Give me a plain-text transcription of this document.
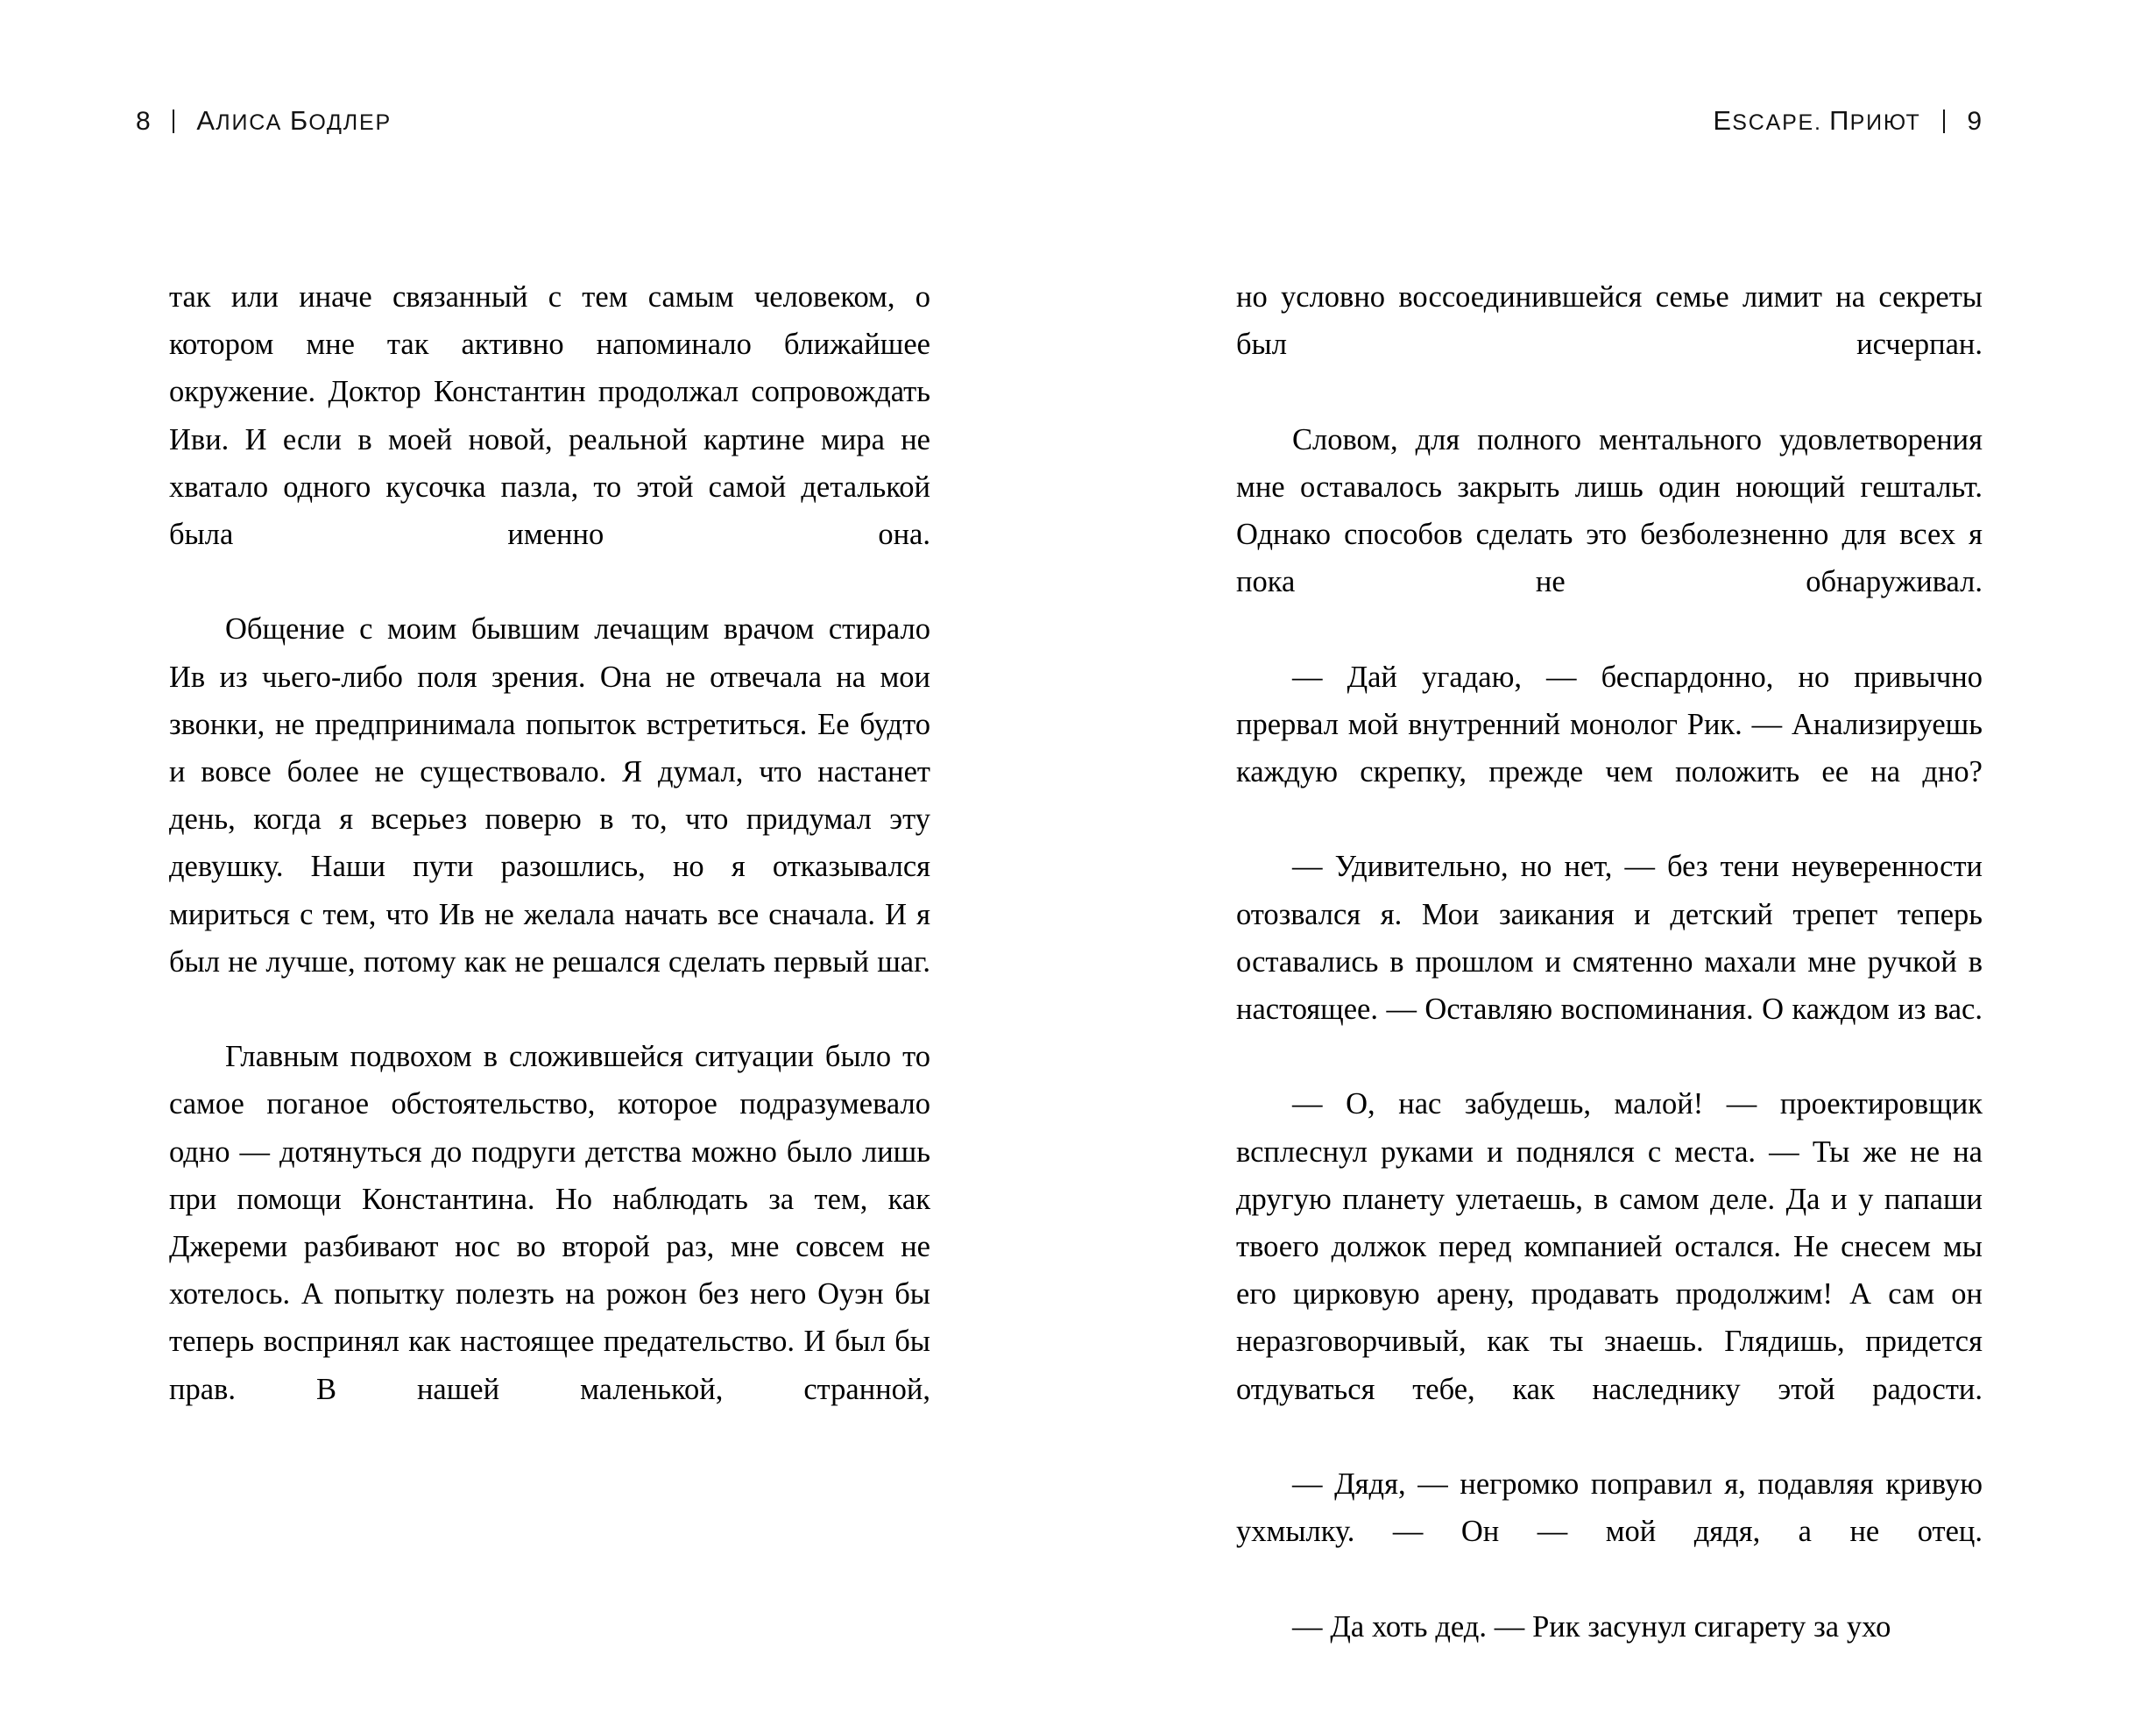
8 АЛИСА БОДЛЕР	ESCAPE. ПРИЮТ 9

так или иначе связанный с тем самым человеком, о котором мне так активно напоминало ближайшее окружение. Доктор Константин продолжал сопровождать Иви. И если в моей новой, реальной картине мира не хватало одного кусочка пазла, то этой самой деталькой была именно она.

Общение с моим бывшим лечащим врачом стирало Ив из чьего-либо поля зрения. Она не отвечала на мои звонки, не предпринимала попыток встретиться. Ее будто и вовсе более не существовало. Я думал, что настанет день, когда я всерьез поверю в то, что придумал эту девушку. Наши пути разошлись, но я отказывался мириться с тем, что Ив не желала начать все сначала. И я был не лучше, потому как не решался сделать первый шаг.

Главным подвохом в сложившейся ситуации было то самое поганое обстоятельство, которое подразумевало одно — дотянуться до подруги детства можно было лишь при помощи Константина. Но наблюдать за тем, как Джереми разбивают нос во второй раз, мне совсем не хотелось. А попытку полезть на рожон без него Оуэн бы теперь воспринял как настоящее предательство. И был бы прав. В нашей маленькой, странной,

но условно воссоединившейся семье лимит на секреты был исчерпан.

Словом, для полного ментального удовлетворения мне оставалось закрыть лишь один ноющий гештальт. Однако способов сделать это безболезненно для всех я пока не обнаруживал.

— Дай угадаю, — беспардонно, но привычно прервал мой внутренний монолог Рик. — Анализируешь каждую скрепку, прежде чем положить ее на дно?

— Удивительно, но нет, — без тени неуверенности отозвался я. Мои заикания и детский трепет теперь оставались в прошлом и смятенно махали мне ручкой в настоящее. — Оставляю воспоминания. О каждом из вас.

— О, нас забудешь, малой! — проектировщик всплеснул руками и поднялся с места. — Ты же не на другую планету улетаешь, в самом деле. Да и у папаши твоего должок перед компанией остался. Не снесем мы его цирковую арену, продавать продолжим! А сам он неразговорчивый, как ты знаешь. Глядишь, придется отдуваться тебе, как наследнику этой радости.

— Дядя, — негромко поправил я, подавляя кривую ухмылку. — Он — мой дядя, а не отец.

— Да хоть дед. — Рик засунул сигарету за ухо
